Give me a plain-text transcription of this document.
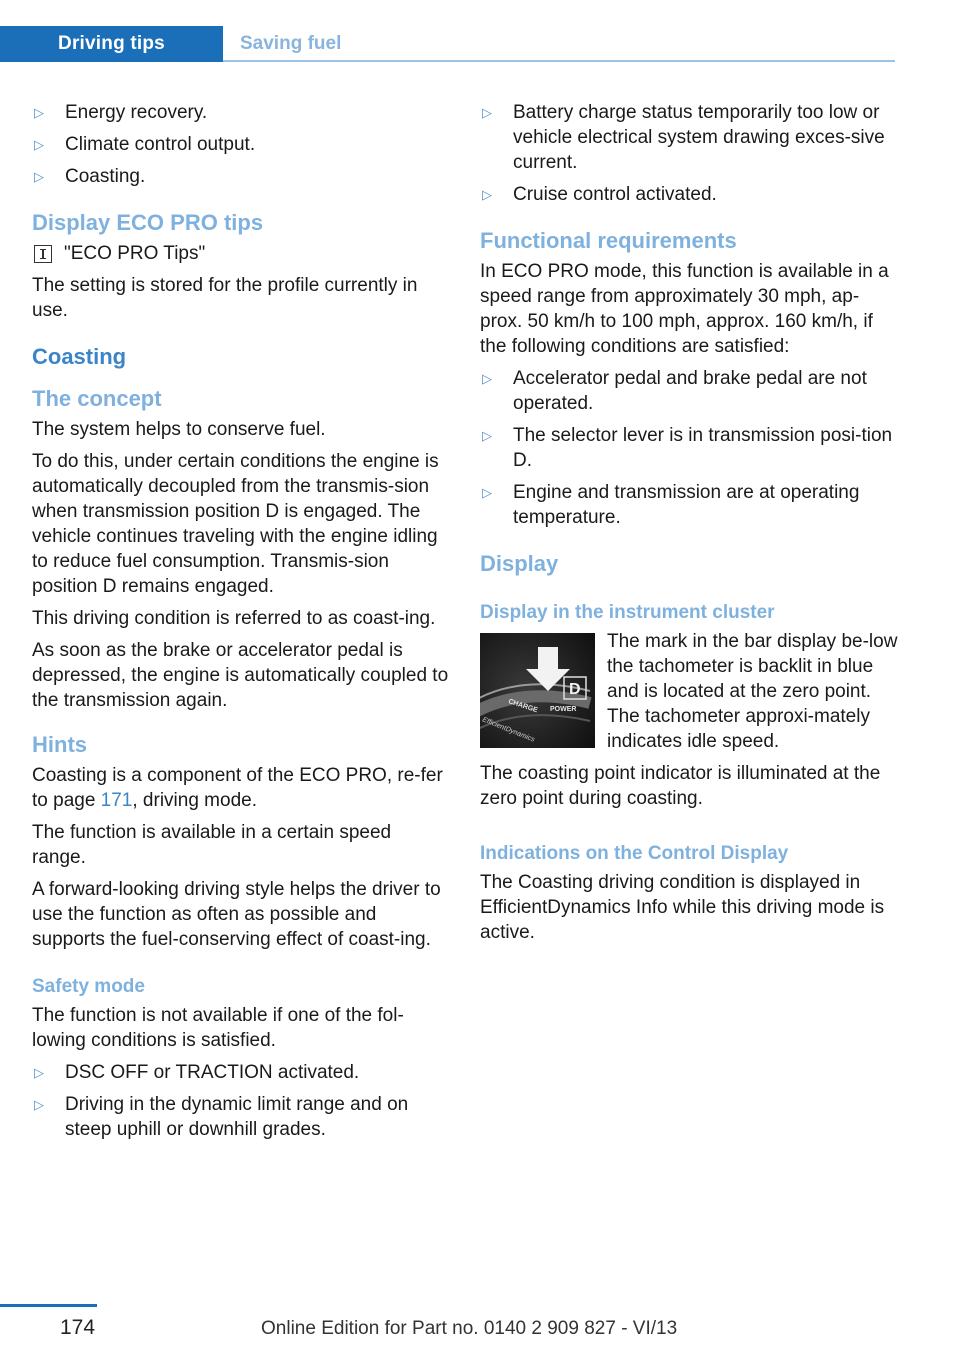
Driving tips	Saving fuel
▷ Energy recovery.
▷ Climate control output.
▷ Coasting.
Display ECO PRO tips
"ECO PRO Tips"

The setting is stored for the profile currently in use.

Coasting
The concept

The system helps to conserve fuel.

To do this, under certain conditions the engine is automatically decoupled from the transmis-sion when transmission position D is engaged. The vehicle continues traveling with the engine idling to reduce fuel consumption. Transmis-sion position D remains engaged.

This driving condition is referred to as coast-ing.

As soon as the brake or accelerator pedal is depressed, the engine is automatically coupled to the transmission again.

Hints

Coasting is a component of the ECO PRO, re-fer to page 171, driving mode.

The function is available in a certain speed range.

A forward-looking driving style helps the driver to use the function as often as possible and supports the fuel-conserving effect of coast-ing.

Safety mode

The function is not available if one of the fol-lowing conditions is satisfied.

▷ DSC OFF or TRACTION activated.
▷ Driving in the dynamic limit range and on steep uphill or downhill grades.
▷ Battery charge status temporarily too low or vehicle electrical system drawing exces-sive current.
▷ Cruise control activated.
Functional requirements

In ECO PRO mode, this function is available in a speed range from approximately 30 mph, ap-prox. 50 km/h to 100 mph, approx. 160 km/h, if the following conditions are satisfied:

▷ Accelerator pedal and brake pedal are not operated.
▷ The selector lever is in transmission posi-tion D.
▷ Engine and transmission are at operating temperature.
Display
Display in the instrument cluster
D
CHARGE POWER
EfficientDynamics
The mark in the bar display be-low the tachometer is backlit in blue and is located at the zero point. The tachometer approxi-mately indicates idle speed.

The coasting point indicator is illuminated at the zero point during coasting.

Indications on the Control Display

The Coasting driving condition is displayed in EfficientDynamics Info while this driving mode is active.

174	Online Edition for Part no. 0140 2 909 827 - VI/13
